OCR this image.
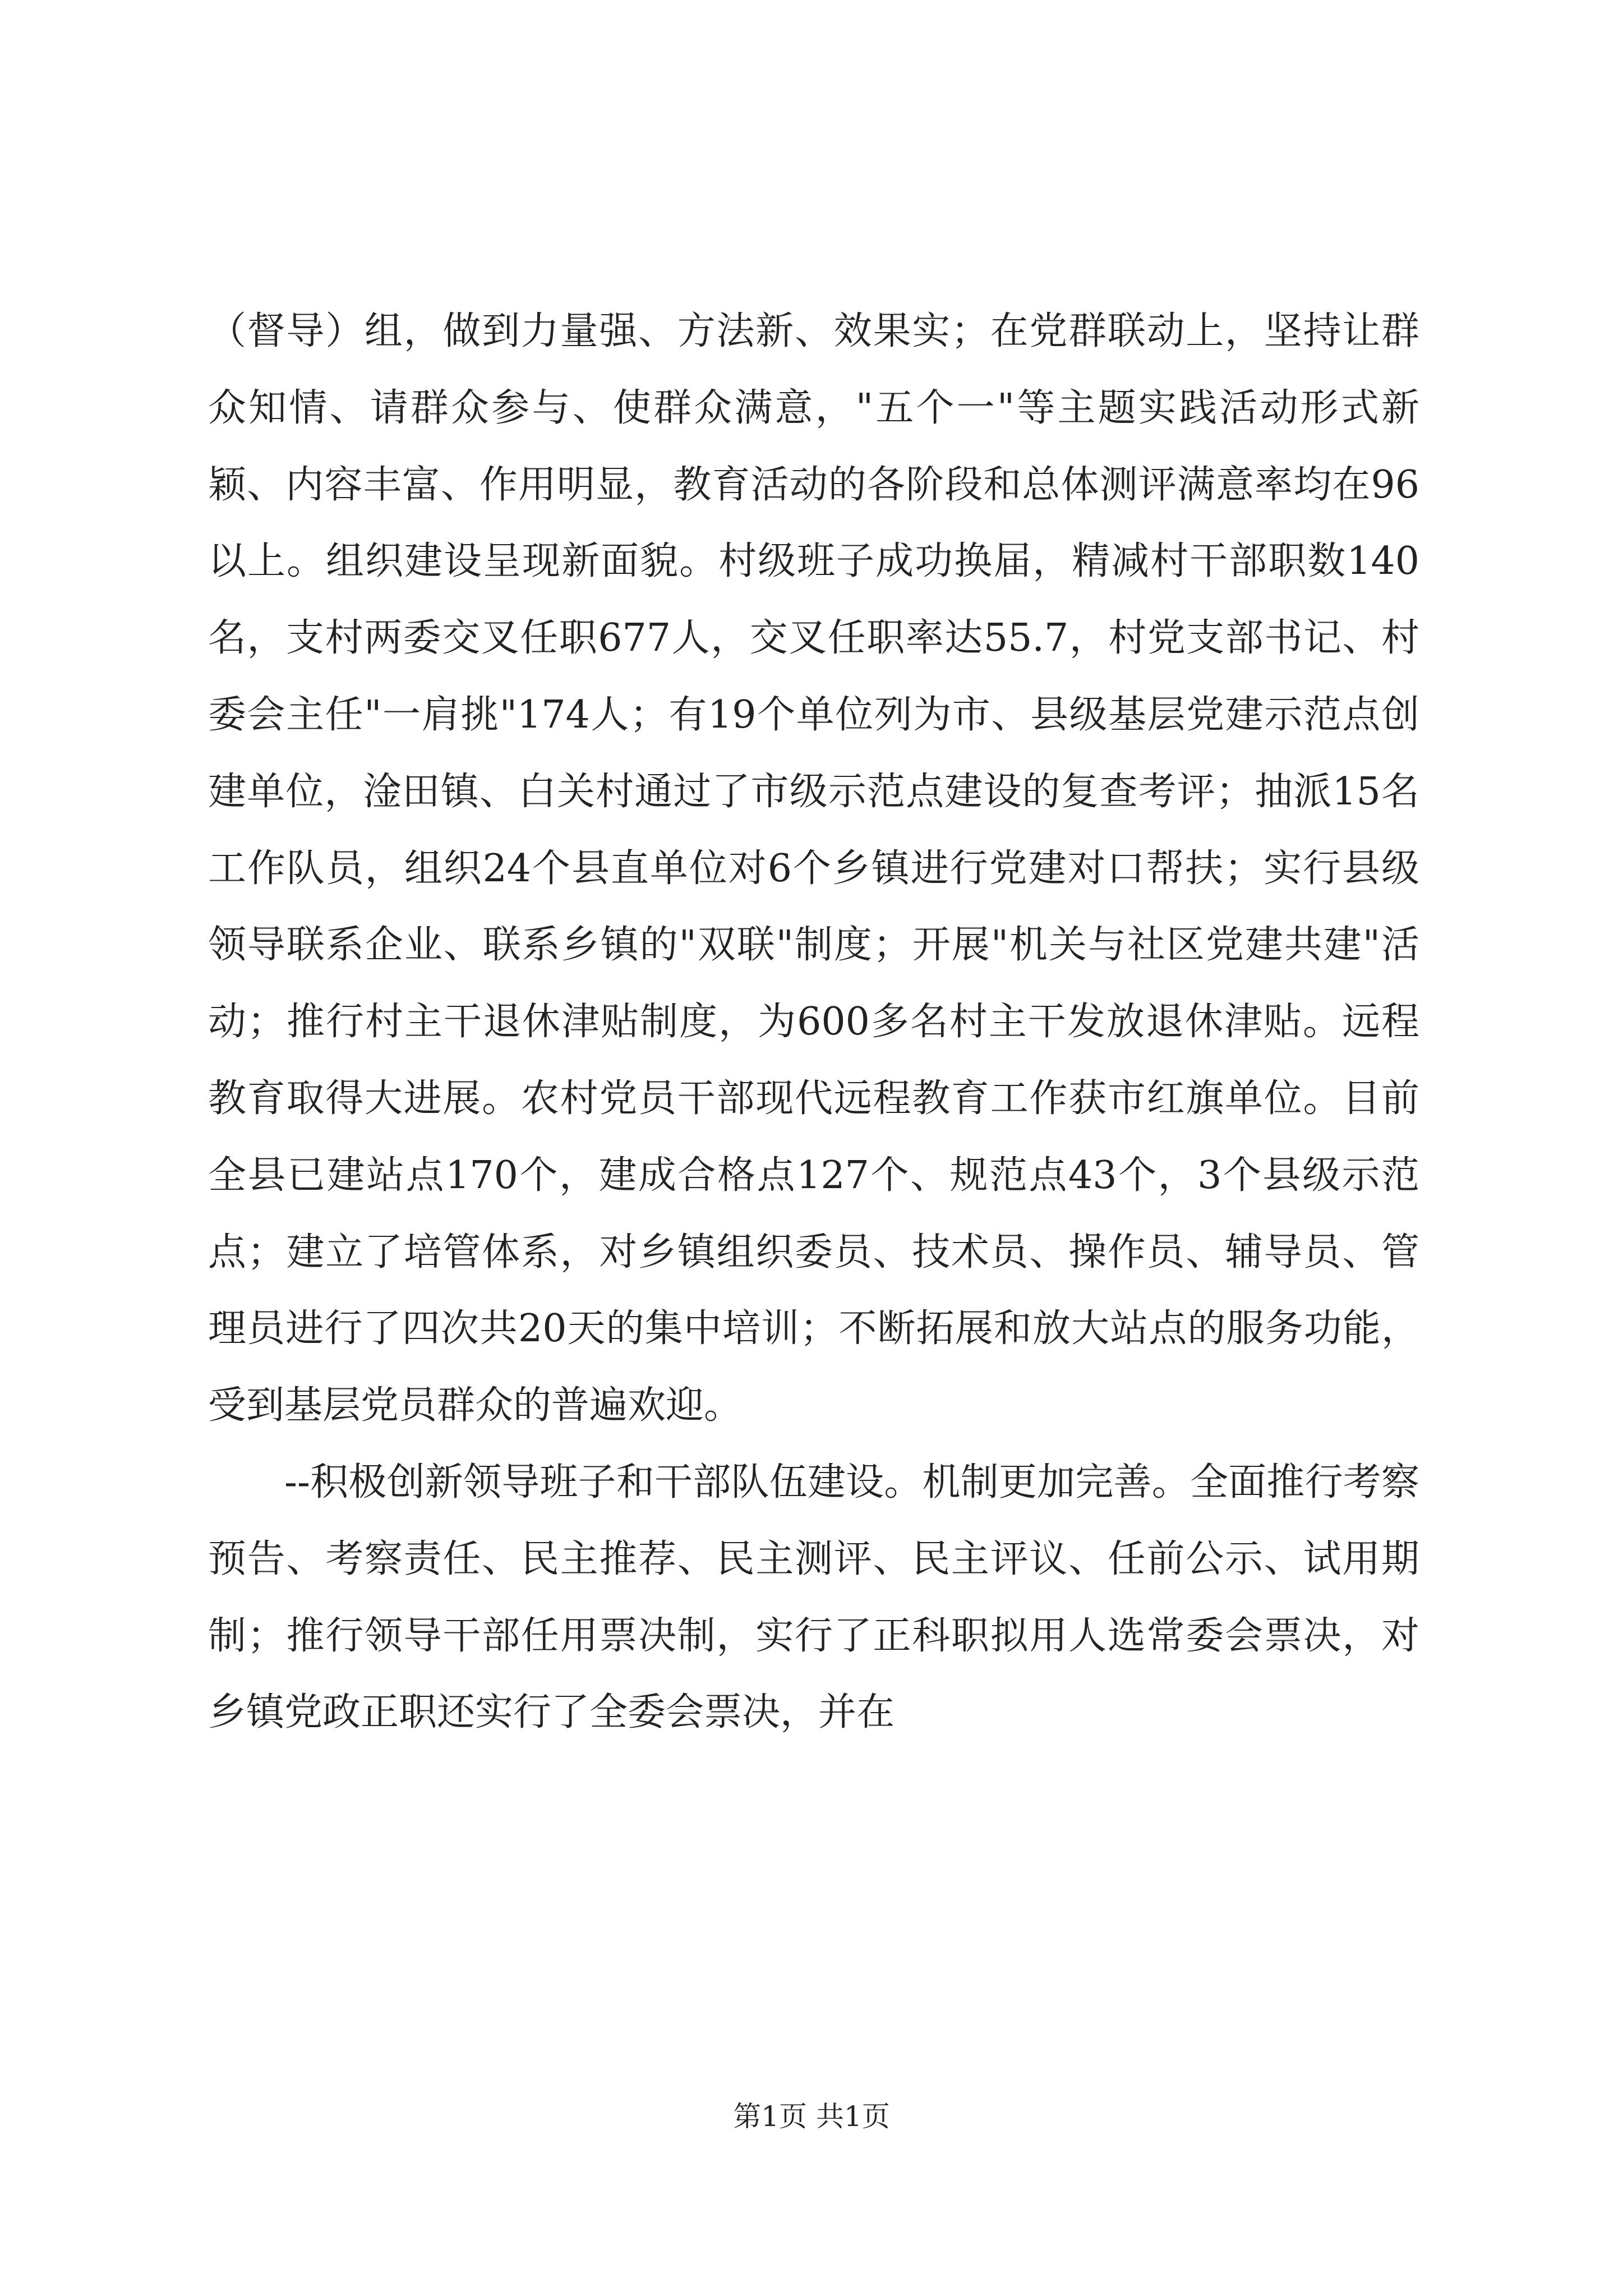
（督导）组，做到力量强、方法新、效果实；在党群联动上，坚持让群众知情、请群众参与、使群众满意，"五个一"等主题实践活动形式新颖、内容丰富、作用明显，教育活动的各阶段和总体测评满意率均在96以上。组织建设呈现新面貌。村级班子成功换届，精减村干部职数140名，支村两委交叉任职677人，交叉任职率达55.7，村党支部书记、村委会主任"一肩挑"174人；有19个单位列为市、县级基层党建示范点创建单位，淦田镇、白关村通过了市级示范点建设的复查考评；抽派15名工作队员，组织24个县直单位对6个乡镇进行党建对口帮扶；实行县级领导联系企业、联系乡镇的"双联"制度；开展"机关与社区党建共建"活动；推行村主干退休津贴制度，为600多名村主干发放退休津贴。远程教育取得大进展。农村党员干部现代远程教育工作获市红旗单位。目前全县已建站点170个，建成合格点127个、规范点43个，3个县级示范点；建立了培管体系，对乡镇组织委员、技术员、操作员、辅导员、管理员进行了四次共20天的集中培训；不断拓展和放大站点的服务功能，受到基层党员群众的普遍欢迎。

--积极创新领导班子和干部队伍建设。机制更加完善。全面推行考察预告、考察责任、民主推荐、民主测评、民主评议、任前公示、试用期制；推行领导干部任用票决制，实行了正科职拟用人选常委会票决，对乡镇党政正职还实行了全委会票决，并在

第1页 共1页
